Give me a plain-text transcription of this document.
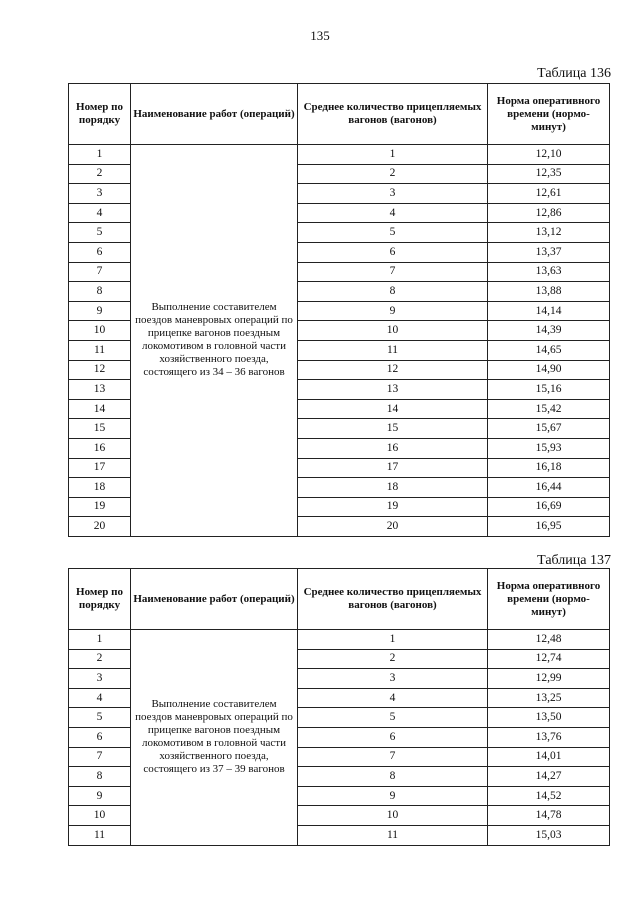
135
Таблица 136
Номер по порядку	Наименование работ (операций)	Среднее количество прицепляемых вагонов (вагонов)	Норма оперативного времени (нормо-минут)
1	Выполнение составителем поездов маневровых операций по прицепке вагонов поездным локомотивом в головной части хозяйственного поезда, состоящего из 34 – 36 вагонов	1	12,10
2		2	12,35
3		3	12,61
4		4	12,86
5		5	13,12
6		6	13,37
7		7	13,63
8		8	13,88
9		9	14,14
10		10	14,39
11		11	14,65
12		12	14,90
13		13	15,16
14		14	15,42
15		15	15,67
16		16	15,93
17		17	16,18
18		18	16,44
19		19	16,69
20		20	16,95
Таблица 137
Номер по порядку	Наименование работ (операций)	Среднее количество прицепляемых вагонов (вагонов)	Норма оперативного времени (нормо-минут)
1	Выполнение составителем поездов маневровых операций по прицепке вагонов поездным локомотивом в головной части хозяйственного поезда, состоящего из 37 – 39 вагонов	1	12,48
2		2	12,74
3		3	12,99
4		4	13,25
5		5	13,50
6		6	13,76
7		7	14,01
8		8	14,27
9		9	14,52
10		10	14,78
11		11	15,03
